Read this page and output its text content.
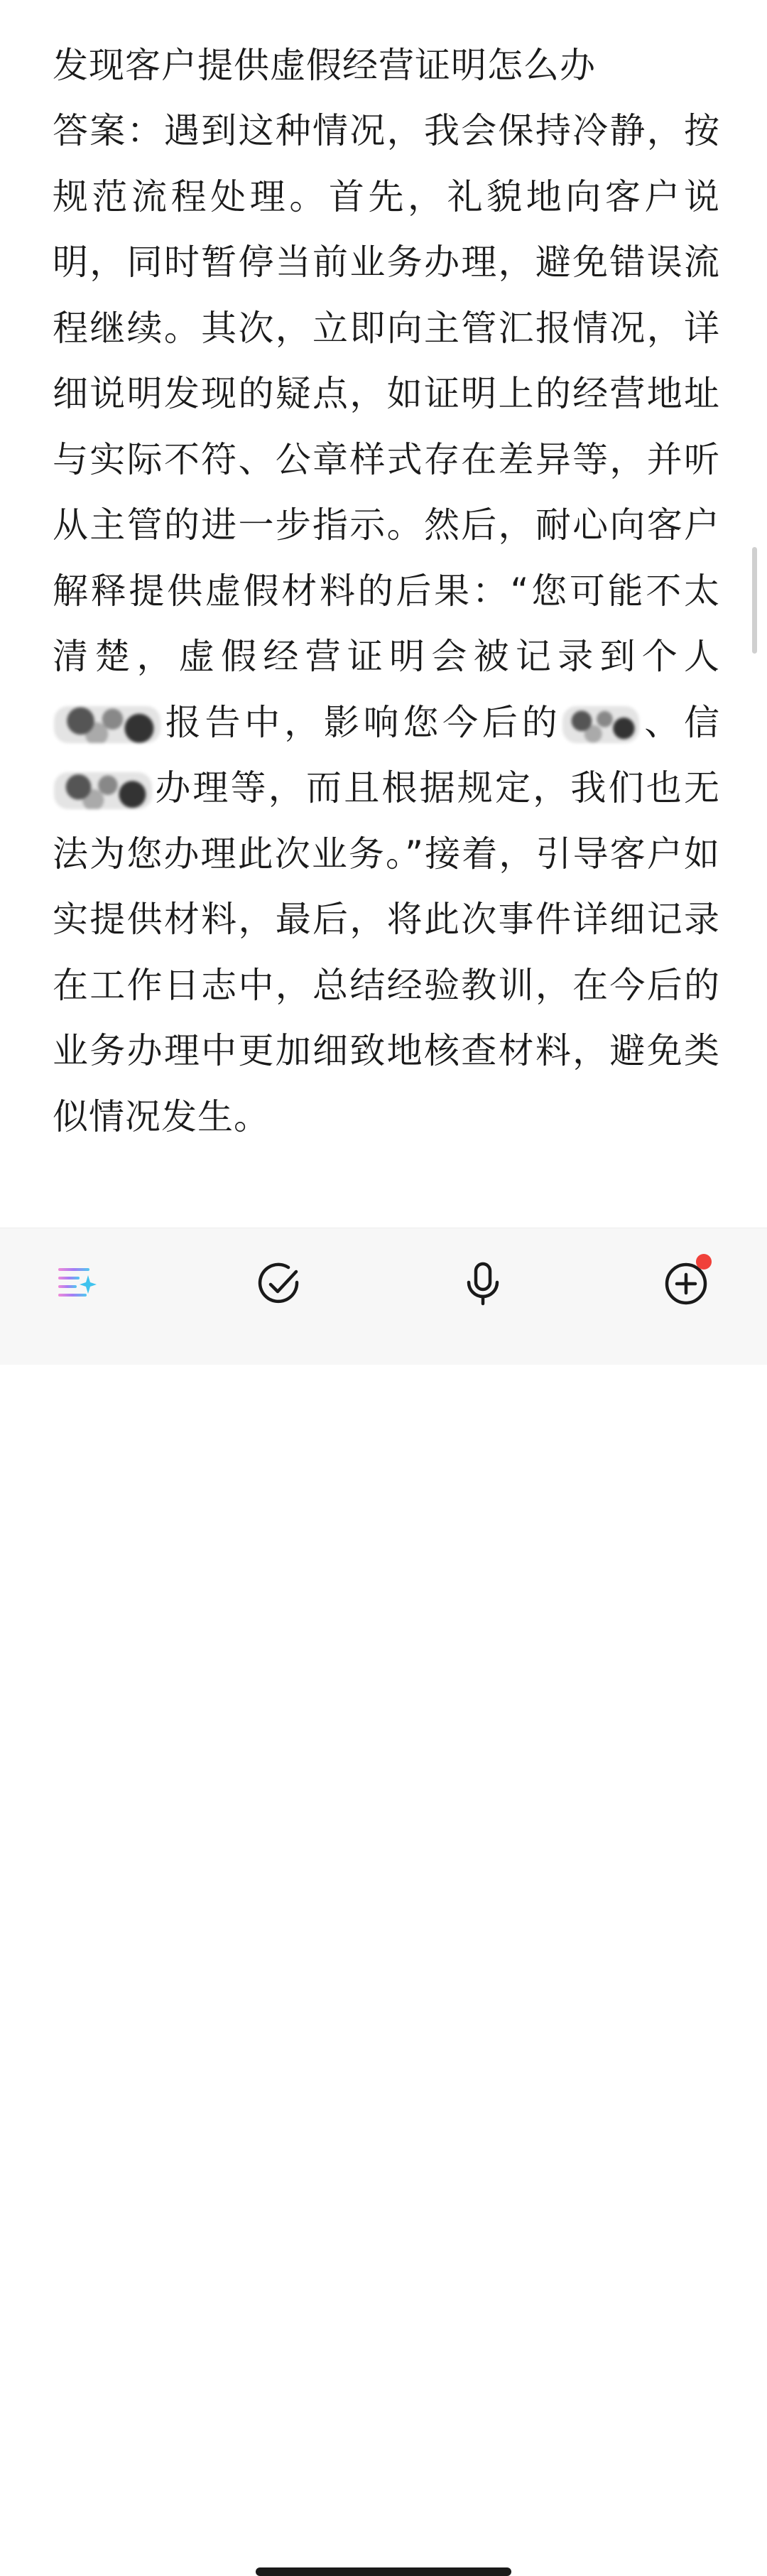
发现客户提供虚假经营证明怎么办

答案：遇到这种情况，我会保持冷静，按规范流程处理。首先，礼貌地向客户说明，同时暂停当前业务办理，避免错误流程继续。其次，立即向主管汇报情况，详细说明发现的疑点，如证明上的经营地址与实际不符、公章样式存在差异等，并听从主管的进一步指示。然后，耐心向客户解释提供虚假材料的后果：“您可能不太清楚，虚假经营证明会被记录到个人报告中，影响您今后的 、信办理等，而且根据规定，我们也无法为您办理此次业务。”接着，引导客户如实提供材料，最后，将此次事件详细记录在工作日志中，总结经验教训，在今后的业务办理中更加细致地核查材料，避免类似情况发生。
